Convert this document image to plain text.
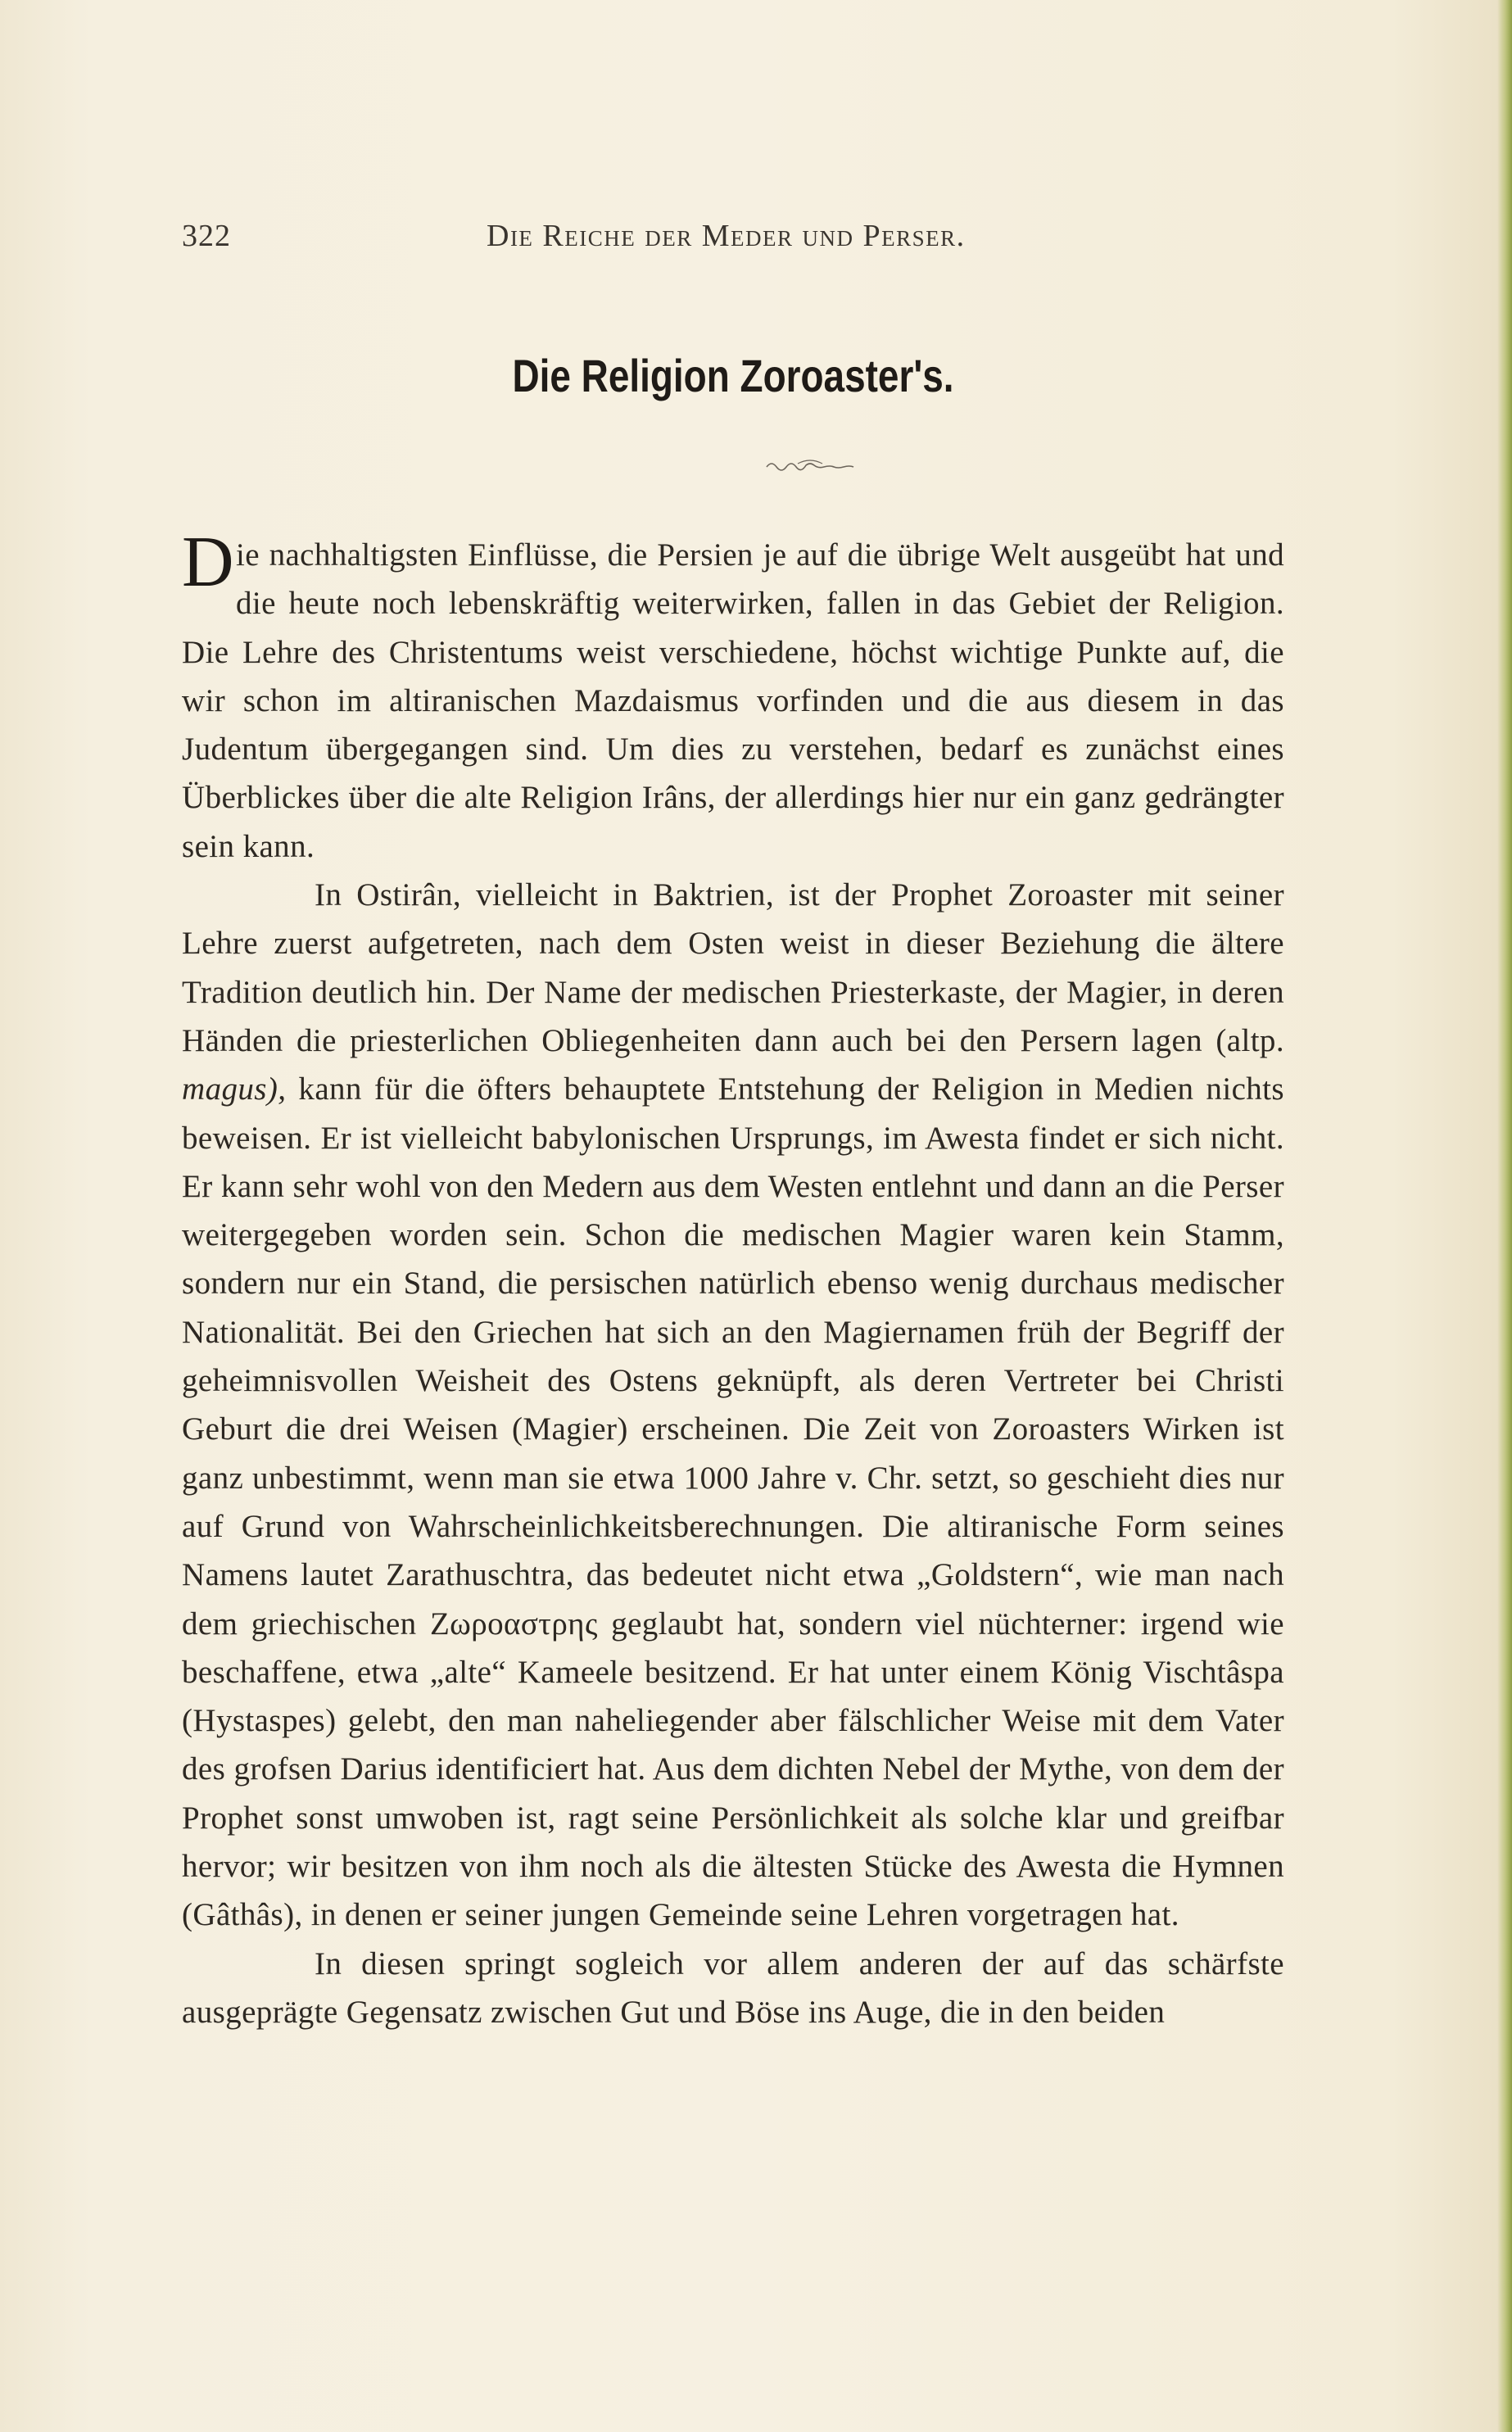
322	Die Reiche der Meder und Perser.
Die Religion Zoroaster's.

Die nachhaltigsten Einflüsse, die Persien je auf die übrige Welt ausgeübt hat und die heute noch lebenskräftig weiterwirken, fallen in das Gebiet der Religion. Die Lehre des Christentums weist verschiedene, höchst wichtige Punkte auf, die wir schon im altiranischen Mazdaismus vorfinden und die aus diesem in das Judentum übergegangen sind. Um dies zu verstehen, bedarf es zunächst eines Überblickes über die alte Religion Irâns, der allerdings hier nur ein ganz gedrängter sein kann.

In Ostirân, vielleicht in Baktrien, ist der Prophet Zoroaster mit seiner Lehre zuerst aufgetreten, nach dem Osten weist in dieser Beziehung die ältere Tradition deutlich hin. Der Name der medischen Priesterkaste, der Magier, in deren Händen die priesterlichen Obliegenheiten dann auch bei den Persern lagen (altp. magus), kann für die öfters behauptete Entstehung der Religion in Medien nichts beweisen. Er ist vielleicht babylonischen Ursprungs, im Awesta findet er sich nicht. Er kann sehr wohl von den Medern aus dem Westen entlehnt und dann an die Perser weitergegeben worden sein. Schon die medischen Magier waren kein Stamm, sondern nur ein Stand, die persischen natürlich ebenso wenig durchaus medischer Nationalität. Bei den Griechen hat sich an den Magiernamen früh der Begriff der geheimnisvollen Weisheit des Ostens geknüpft, als deren Vertreter bei Christi Geburt die drei Weisen (Magier) erscheinen. Die Zeit von Zoroasters Wirken ist ganz unbestimmt, wenn man sie etwa 1000 Jahre v. Chr. setzt, so geschieht dies nur auf Grund von Wahrscheinlichkeitsberechnungen. Die altiranische Form seines Namens lautet Zarathuschtra, das bedeutet nicht etwa „Goldstern“, wie man nach dem griechischen Ζωροαστρης geglaubt hat, sondern viel nüchterner: irgend wie beschaffene, etwa „alte“ Kameele besitzend. Er hat unter einem König Vischtâspa (Hystaspes) gelebt, den man naheliegender aber fälschlicher Weise mit dem Vater des grofsen Darius identificiert hat. Aus dem dichten Nebel der Mythe, von dem der Prophet sonst umwoben ist, ragt seine Persönlichkeit als solche klar und greifbar hervor; wir besitzen von ihm noch als die ältesten Stücke des Awesta die Hymnen (Gâthâs), in denen er seiner jungen Gemeinde seine Lehren vorgetragen hat.

In diesen springt sogleich vor allem anderen der auf das schärfste ausgeprägte Gegensatz zwischen Gut und Böse ins Auge, die in den beiden
